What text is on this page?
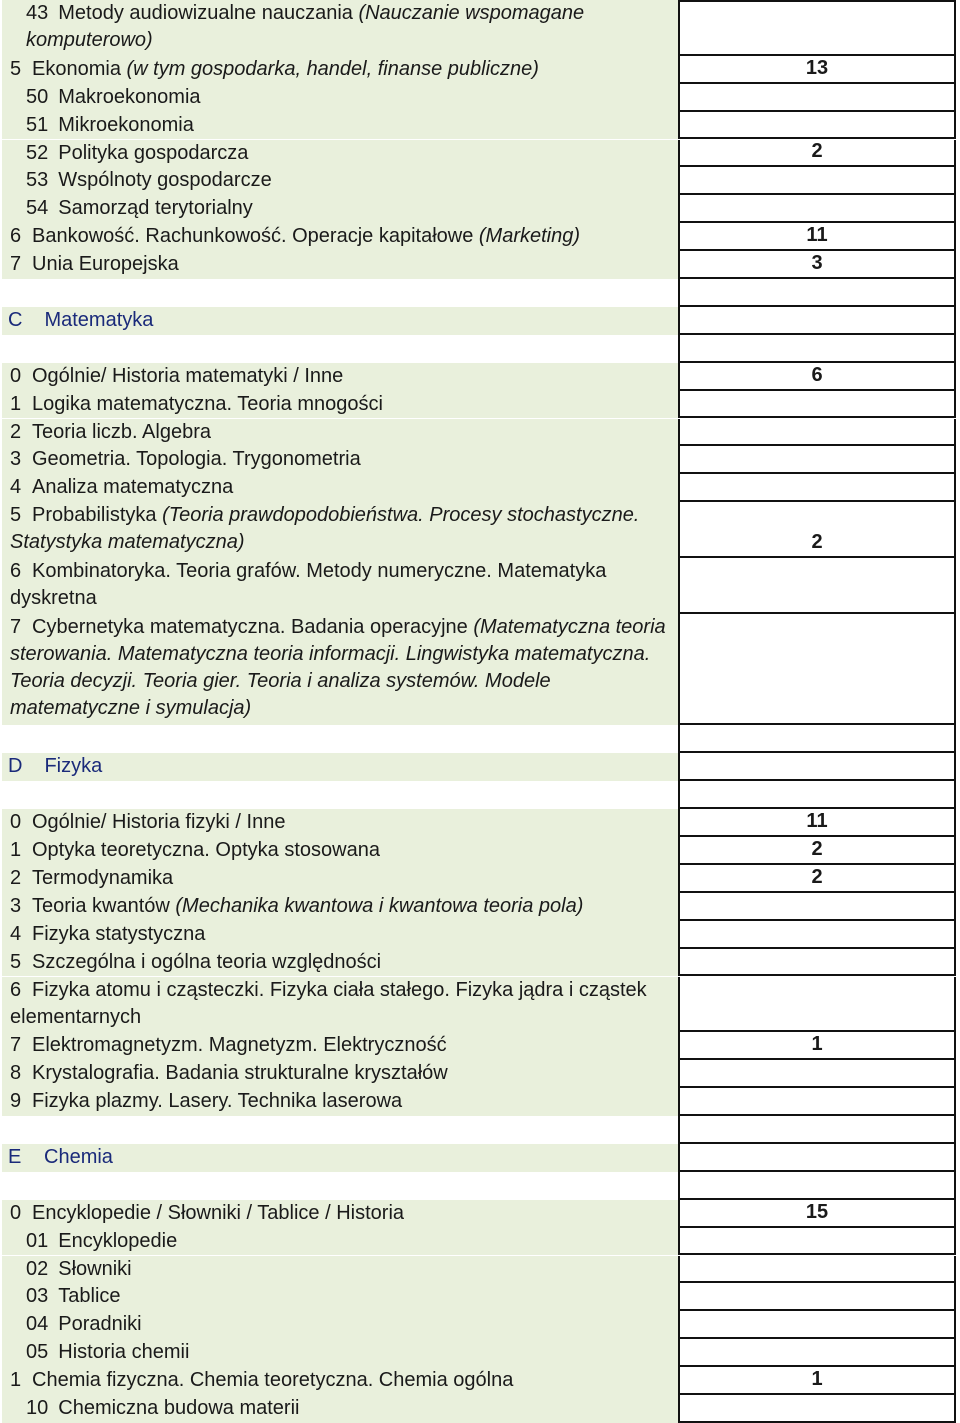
43 Metody audiowizualne nauczania (Nauczanie wspomagane komputerowo)
5 Ekonomia (w tym gospodarka, handel, finanse publiczne)	13
50 Makroekonomia
51 Mikroekonomia
52 Polityka gospodarcza	2
53 Wspólnoty gospodarcze
54 Samorząd terytorialny
6 Bankowość. Rachunkowość. Operacje kapitałowe (Marketing)	11
7 Unia Europejska	3
C Matematyka
0 Ogólnie/ Historia matematyki / Inne	6
1 Logika matematyczna. Teoria mnogości
2 Teoria liczb. Algebra
3 Geometria. Topologia. Trygonometria
4 Analiza matematyczna
5 Probabilistyka (Teoria prawdopodobieństwa. Procesy stochastyczne. Statystyka matematyczna)	2
6 Kombinatoryka. Teoria grafów. Metody numeryczne. Matematyka dyskretna
7 Cybernetyka matematyczna. Badania operacyjne (Matematyczna teoria sterowania. Matematyczna teoria informacji. Lingwistyka matematyczna. Teoria decyzji. Teoria gier. Teoria i analiza systemów. Modele matematyczne i symulacja)
D Fizyka
0 Ogólnie/ Historia fizyki / Inne	11
1 Optyka teoretyczna. Optyka stosowana	2
2 Termodynamika	2
3 Teoria kwantów (Mechanika kwantowa i kwantowa teoria pola)
4 Fizyka statystyczna
5 Szczególna i ogólna teoria względności
6 Fizyka atomu i cząsteczki. Fizyka ciała stałego. Fizyka jądra i cząstek elementarnych
7 Elektromagnetyzm. Magnetyzm. Elektryczność	1
8 Krystalografia. Badania strukturalne kryształów
9 Fizyka plazmy. Lasery. Technika laserowa
E Chemia
0 Encyklopedie / Słowniki / Tablice / Historia	15
01 Encyklopedie
02 Słowniki
03 Tablice
04 Poradniki
05 Historia chemii
1 Chemia fizyczna. Chemia teoretyczna. Chemia ogólna	1
10 Chemiczna budowa materii
